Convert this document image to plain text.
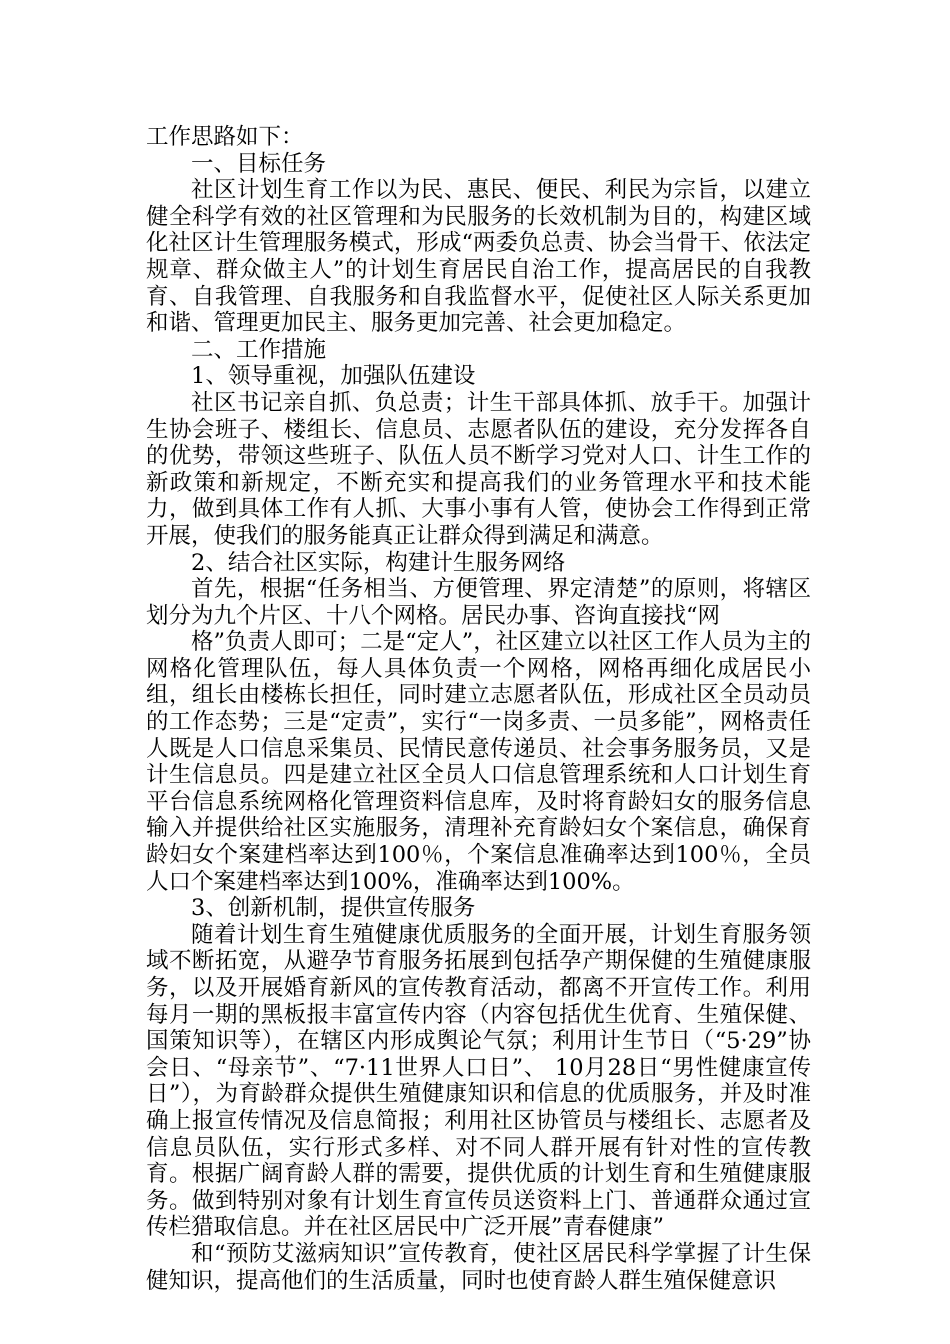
工作思路如下：

一、目标任务

社区计划生育工作以为民、惠民、便民、利民为宗旨，以建立健全科学有效的社区管理和为民服务的长效机制为目的，构建区域化社区计生管理服务模式，形成“两委负总责、协会当骨干、依法定规章、群众做主人”的计划生育居民自治工作，提高居民的自我教育、自我管理、自我服务和自我监督水平，促使社区人际关系更加和谐、管理更加民主、服务更加完善、社会更加稳定。

二、工作措施

1、领导重视，加强队伍建设

社区书记亲自抓、负总责；计生干部具体抓、放手干。加强计生协会班子、楼组长、信息员、志愿者队伍的建设，充分发挥各自的优势，带领这些班子、队伍人员不断学习党对人口、计生工作的新政策和新规定，不断充实和提高我们的业务管理水平和技术能力，做到具体工作有人抓、大事小事有人管，使协会工作得到正常开展，使我们的服务能真正让群众得到满足和满意。

2、结合社区实际，构建计生服务网络

首先，根据“任务相当、方便管理、界定清楚”的原则，将辖区划分为九个片区、十八个网格。居民办事、咨询直接找“网

格”负责人即可；二是“定人”，社区建立以社区工作人员为主的网格化管理队伍，每人具体负责一个网格，网格再细化成居民小组，组长由楼栋长担任，同时建立志愿者队伍，形成社区全员动员的工作态势；三是“定责”，实行“一岗多责、一员多能”，网格责任人既是人口信息采集员、民情民意传递员、社会事务服务员，又是计生信息员。四是建立社区全员人口信息管理系统和人口计划生育平台信息系统网格化管理资料信息库，及时将育龄妇女的服务信息输入并提供给社区实施服务，清理补充育龄妇女个案信息，确保育龄妇女个案建档率达到100％，个案信息准确率达到100％，全员人口个案建档率达到100%，准确率达到100%。

3、创新机制，提供宣传服务

随着计划生育生殖健康优质服务的全面开展，计划生育服务领域不断拓宽，从避孕节育服务拓展到包括孕产期保健的生殖健康服务，以及开展婚育新风的宣传教育活动，都离不开宣传工作。利用每月一期的黑板报丰富宣传内容（内容包括优生优育、生殖保健、国策知识等），在辖区内形成舆论气氛；利用计生节日（“5·29”协会日、“母亲节”、“7·11世界人口日”、 10月28日“男性健康宣传日”），为育龄群众提供生殖健康知识和信息的优质服务，并及时准确上报宣传情况及信息简报；利用社区协管员与楼组长、志愿者及信息员队伍，实行形式多样、对不同人群开展有针对性的宣传教育。根据广阔育龄人群的需要，提供优质的计划生育和生殖健康服务。做到特别对象有计划生育宣传员送资料上门、普通群众通过宣传栏猎取信息。并在社区居民中广泛开展”青春健康”

和“预防艾滋病知识”宣传教育，使社区居民科学掌握了计生保健知识，提高他们的生活质量，同时也使育龄人群生殖保健意识
